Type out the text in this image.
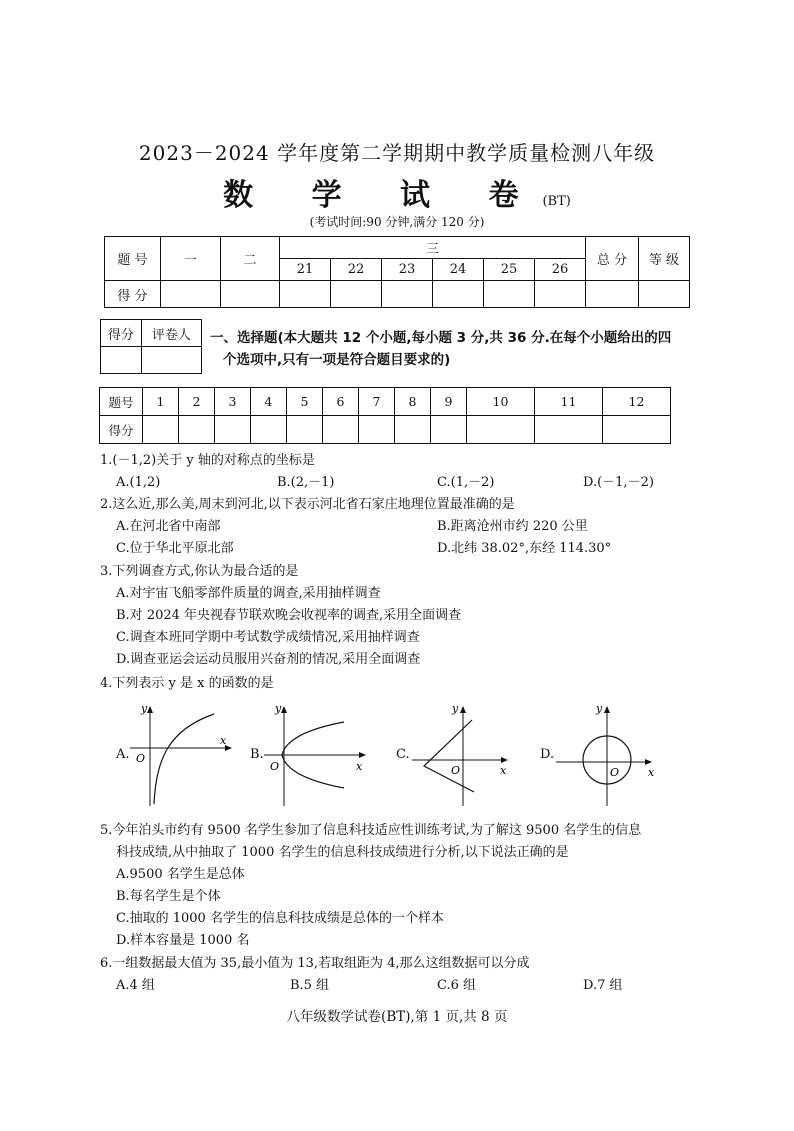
2023－2024 学年度第二学期期中教学质量检测八年级
数 学 试 卷(BT)
(考试时间:90 分钟,满分 120 分)
题 号	一	二	三						总 分	等 级
			21	22	23	24	25	26		
得 分										
得分	评卷人
	一、选择题(本大题共 12 个小题,每小题 3 分,共 36 分.在每个小题给出的四
个选项中,只有一项是符合题目要求的)
题号	1	2	3	4	5	6	7	8	9	10	11	12
得分												
1.(－1,2)关于 y 轴的对称点的坐标是
A.(1,2)	B.(2,－1)	C.(1,－2)	D.(－1,－2)
2.这么近,那么美,周末到河北,以下表示河北省石家庄地理位置最准确的是
A.在河北省中南部	B.距离沧州市约 220 公里
C.位于华北平原北部	D.北纬 38.02°,东经 114.30°
3.下列调查方式,你认为最合适的是
A.对宇宙飞船零部件质量的调查,采用抽样调查
B.对 2024 年央视春节联欢晚会收视率的调查,采用全面调查
C.调查本班同学期中考试数学成绩情况,采用抽样调查
D.调查亚运会运动员服用兴奋剂的情况,采用全面调查
4.下列表示 y 是 x 的函数的是
A.
y
x
O	B.
y
x
O
C.
y
x
O
D.
y
x
O
5.今年泊头市约有 9500 名学生参加了信息科技适应性训练考试,为了解这 9500 名学生的信息
科技成绩,从中抽取了 1000 名学生的信息科技成绩进行分析,以下说法正确的是
A.9500 名学生是总体
B.每名学生是个体
C.抽取的 1000 名学生的信息科技成绩是总体的一个样本
D.样本容量是 1000 名
6.一组数据最大值为 35,最小值为 13,若取组距为 4,那么这组数据可以分成
A.4 组	B.5 组	C.6 组	D.7 组
八年级数学试卷(BT),第 1 页,共 8 页
